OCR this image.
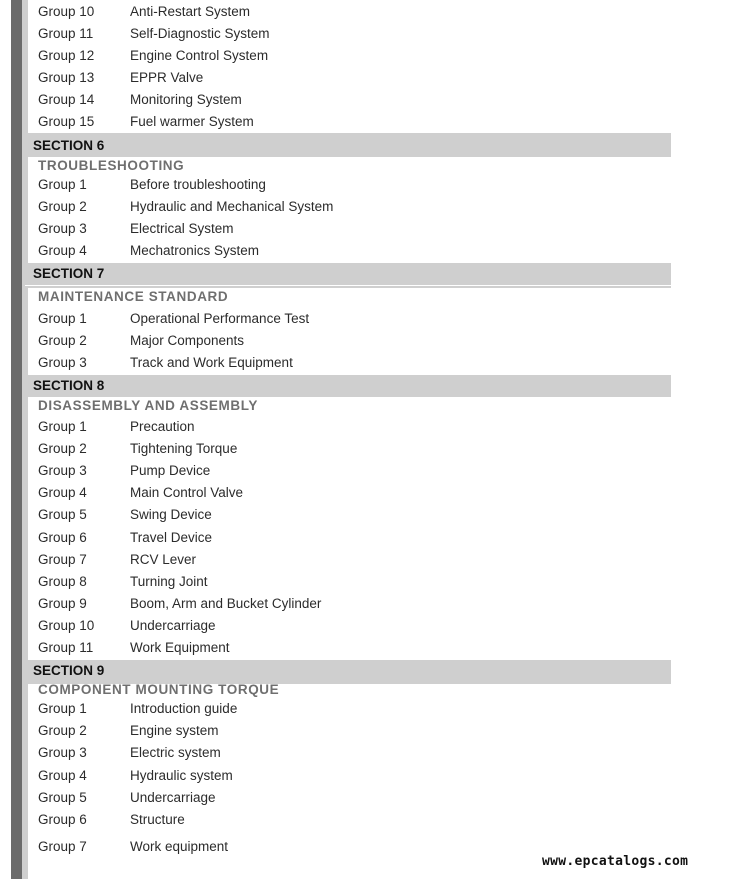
Group 10	Anti-Restart System
Group 11	Self-Diagnostic System
Group 12	Engine Control System
Group 13	EPPR Valve
Group 14	Monitoring System
Group 15	Fuel warmer System
SECTION 6
TROUBLESHOOTING
Group 1	Before troubleshooting
Group 2	Hydraulic and Mechanical System
Group 3	Electrical System
Group 4	Mechatronics System
SECTION 7
MAINTENANCE STANDARD
Group 1	Operational Performance Test
Group 2	Major Components
Group 3	Track and Work Equipment
SECTION 8
DISASSEMBLY AND ASSEMBLY
Group 1	Precaution
Group 2	Tightening Torque
Group 3	Pump Device
Group 4	Main Control Valve
Group 5	Swing Device
Group 6	Travel Device
Group 7	RCV Lever
Group 8	Turning Joint
Group 9	Boom, Arm and Bucket Cylinder
Group 10	Undercarriage
Group 11	Work Equipment
SECTION 9
COMPONENT MOUNTING TORQUE
Group 1	Introduction guide
Group 2	Engine system
Group 3	Electric system
Group 4	Hydraulic system
Group 5	Undercarriage
Group 6	Structure
Group 7	Work equipment
www.epcatalogs.com
